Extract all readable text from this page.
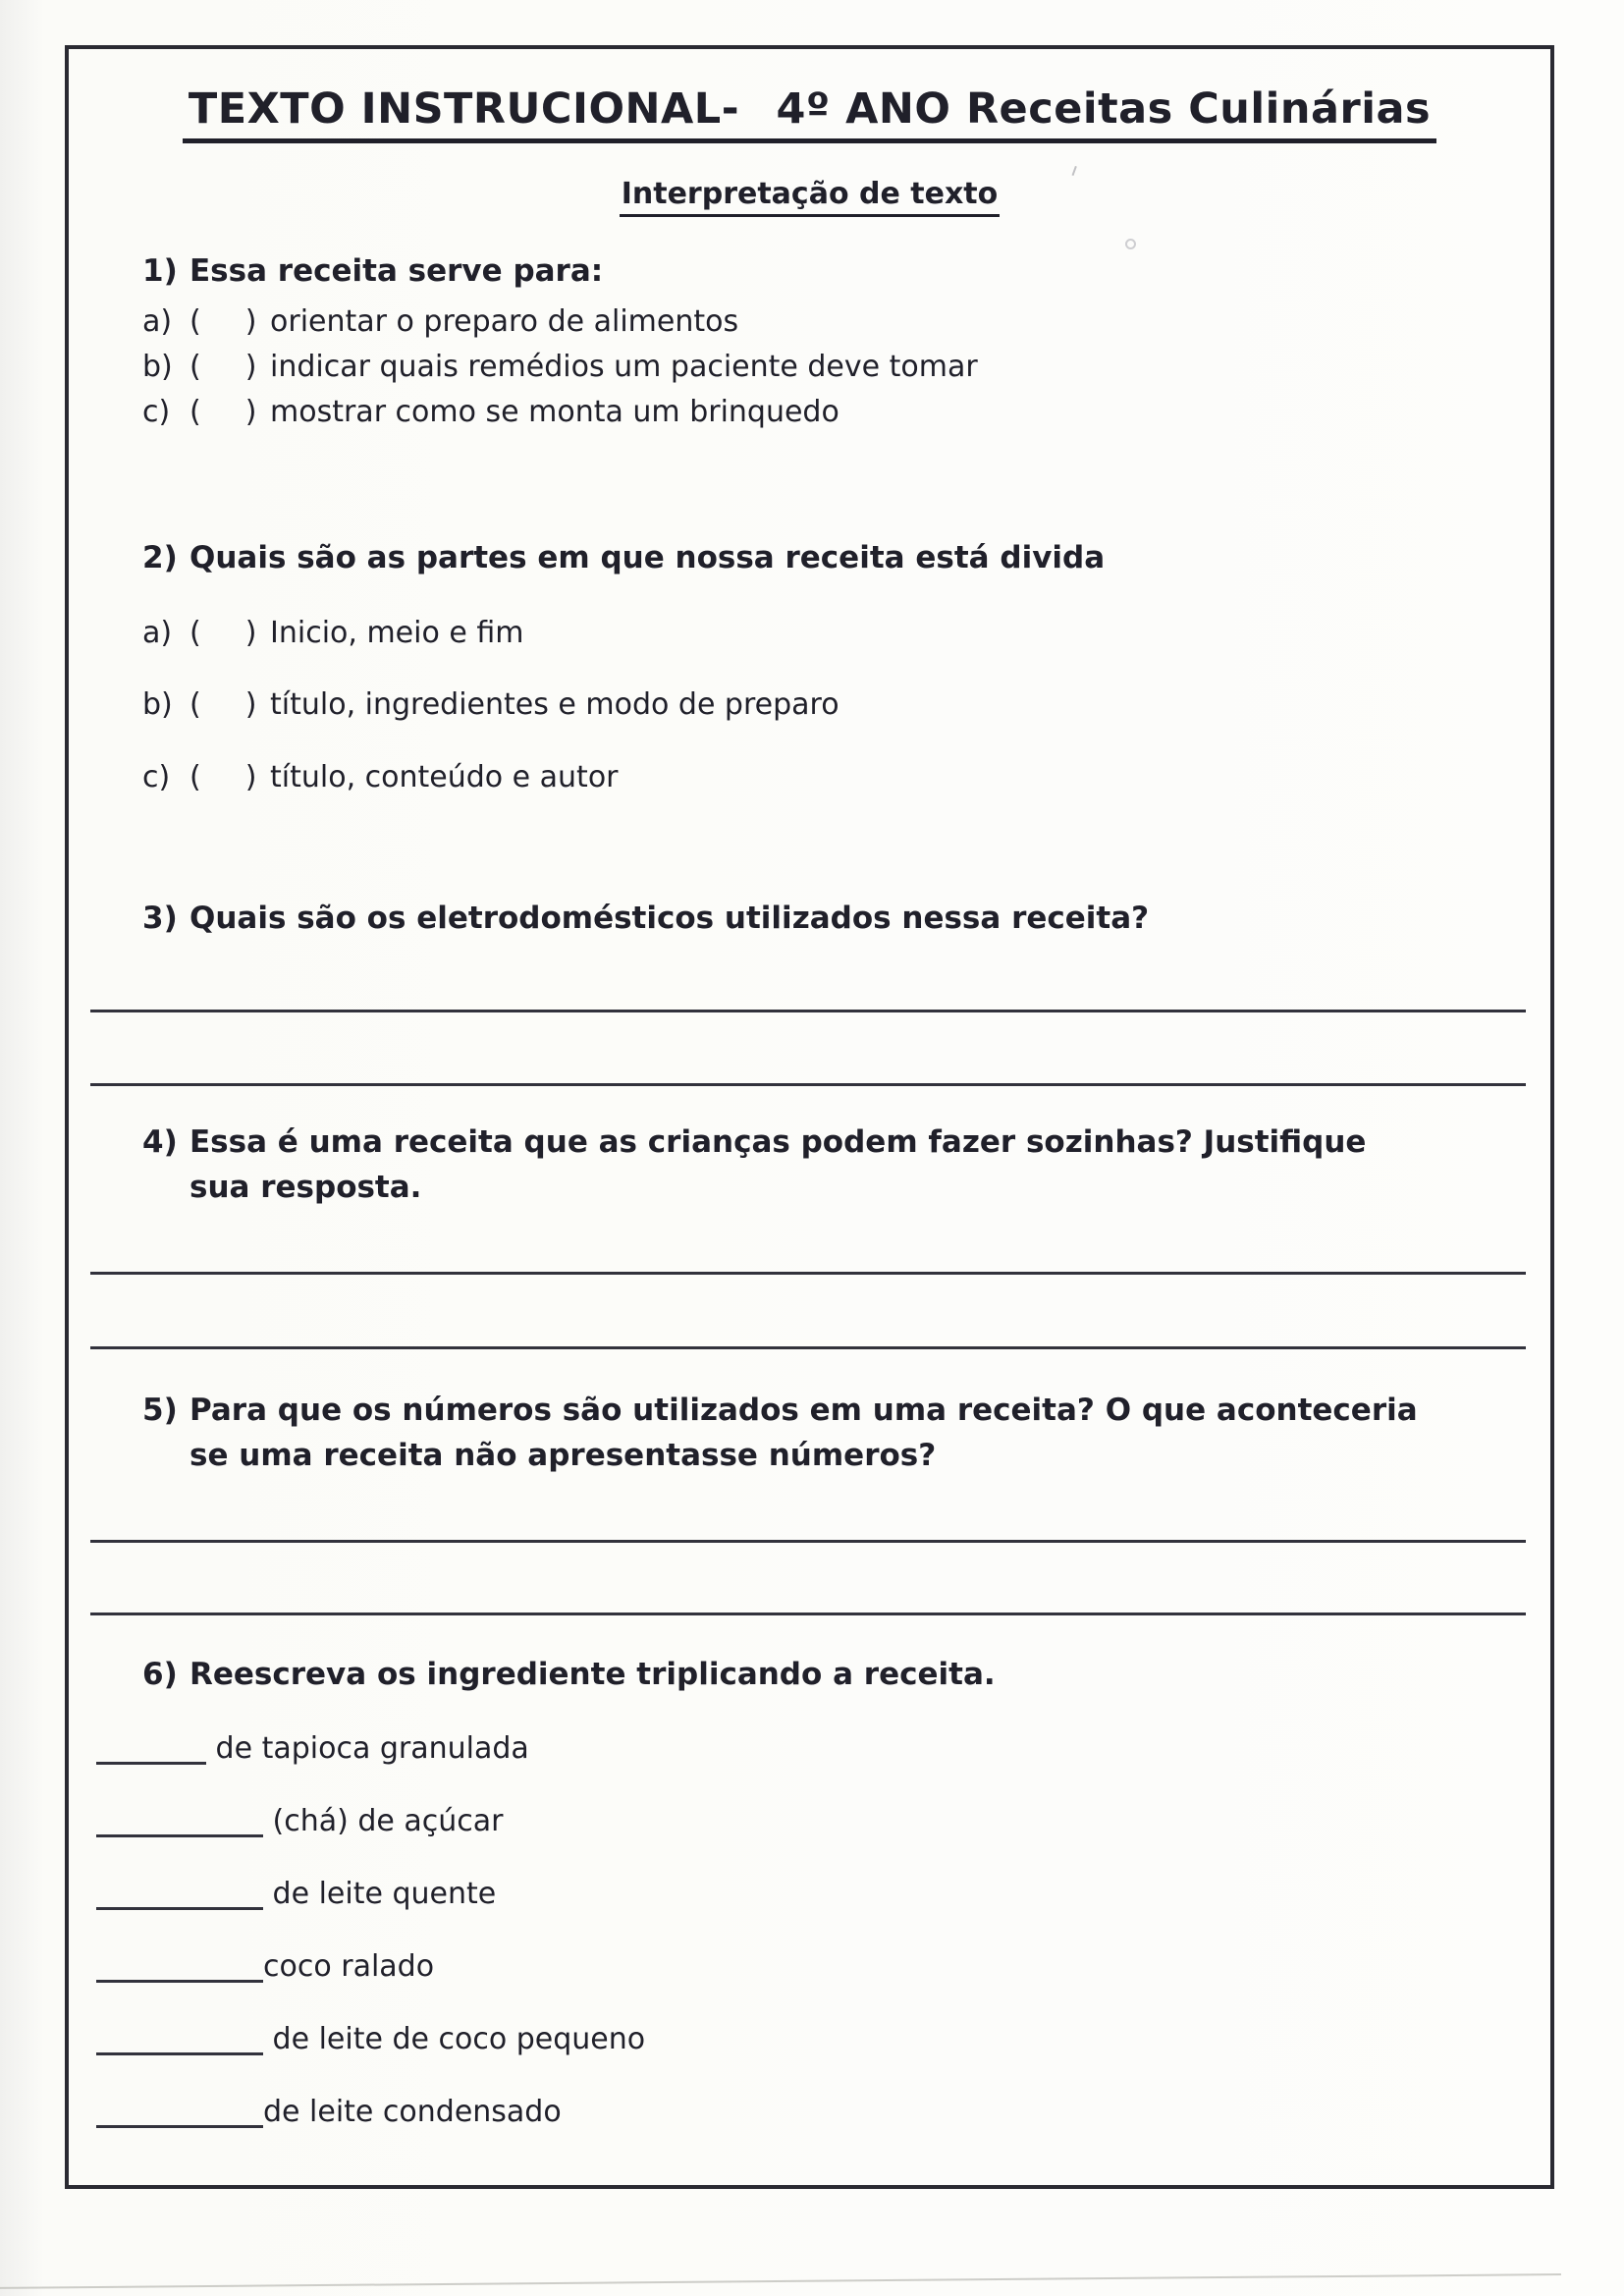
TEXTO INSTRUCIONAL-  4º ANO Receitas Culinárias
Interpretação de texto
1) Essa receita serve para:
a) (   ) orientar o preparo de alimentos
b) (   ) indicar quais remédios um paciente deve tomar
c) (   ) mostrar como se monta um brinquedo
2) Quais são as partes em que nossa receita está divida
a) (   ) Inicio, meio e fim
b) (   ) título, ingredientes e modo de preparo
c) (   ) título, conteúdo e autor
3) Quais são os eletrodomésticos utilizados nessa receita?
4) Essa é uma receita que as crianças podem fazer sozinhas? Justifique
sua resposta.
5) Para que os números são utilizados em uma receita? O que aconteceria
se uma receita não apresentasse números?
6) Reescreva os ingrediente triplicando a receita.
de tapioca granulada
(chá) de açúcar
de leite quente
coco ralado
de leite de coco pequeno
de leite condensado
